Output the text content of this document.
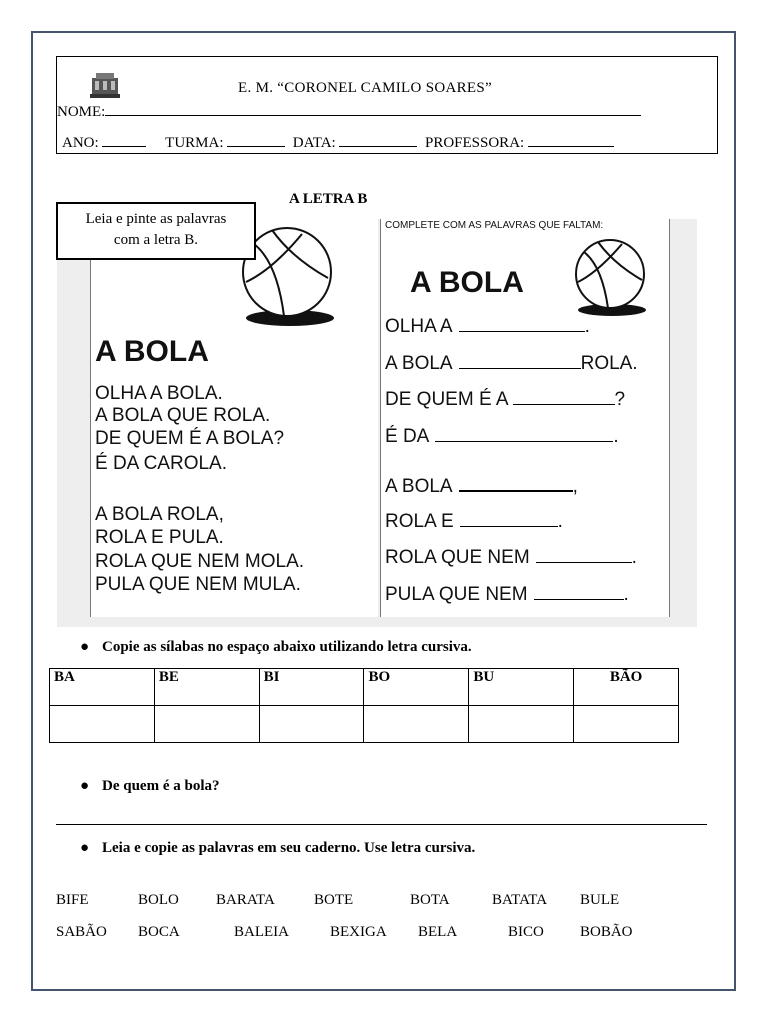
E. M. “CORONEL CAMILO SOARES”
NOME:
ANO:	TURMA:	DATA:	PROFESSORA:
A LETRA B
Leia e pinte as palavras
com a letra B.
A BOLA
OLHA A BOLA.
A BOLA QUE ROLA.
DE QUEM É A BOLA?
É DA CAROLA.
A BOLA ROLA,
ROLA E PULA.
ROLA QUE NEM MOLA.
PULA QUE NEM MULA.
COMPLETE COM AS PALAVRAS QUE FALTAM:
A BOLA
OLHA A	.
A BOLA	ROLA.
DE QUEM É A	?
É DA	.
A BOLA	,
ROLA E	.
ROLA QUE NEM	.
PULA QUE NEM	.
● Copie as sílabas no espaço abaixo utilizando letra cursiva.
BA	BE	BI	BO	BU	BÃO

● De quem é a bola?
● Leia e copie as palavras em seu caderno. Use letra cursiva.
BIFE	BOLO BARATA	BOTE	BOTA	BATATA BULE
SABÃO BOCA	BALEIA	BEXIGA BELA	BICO BOBÃO
